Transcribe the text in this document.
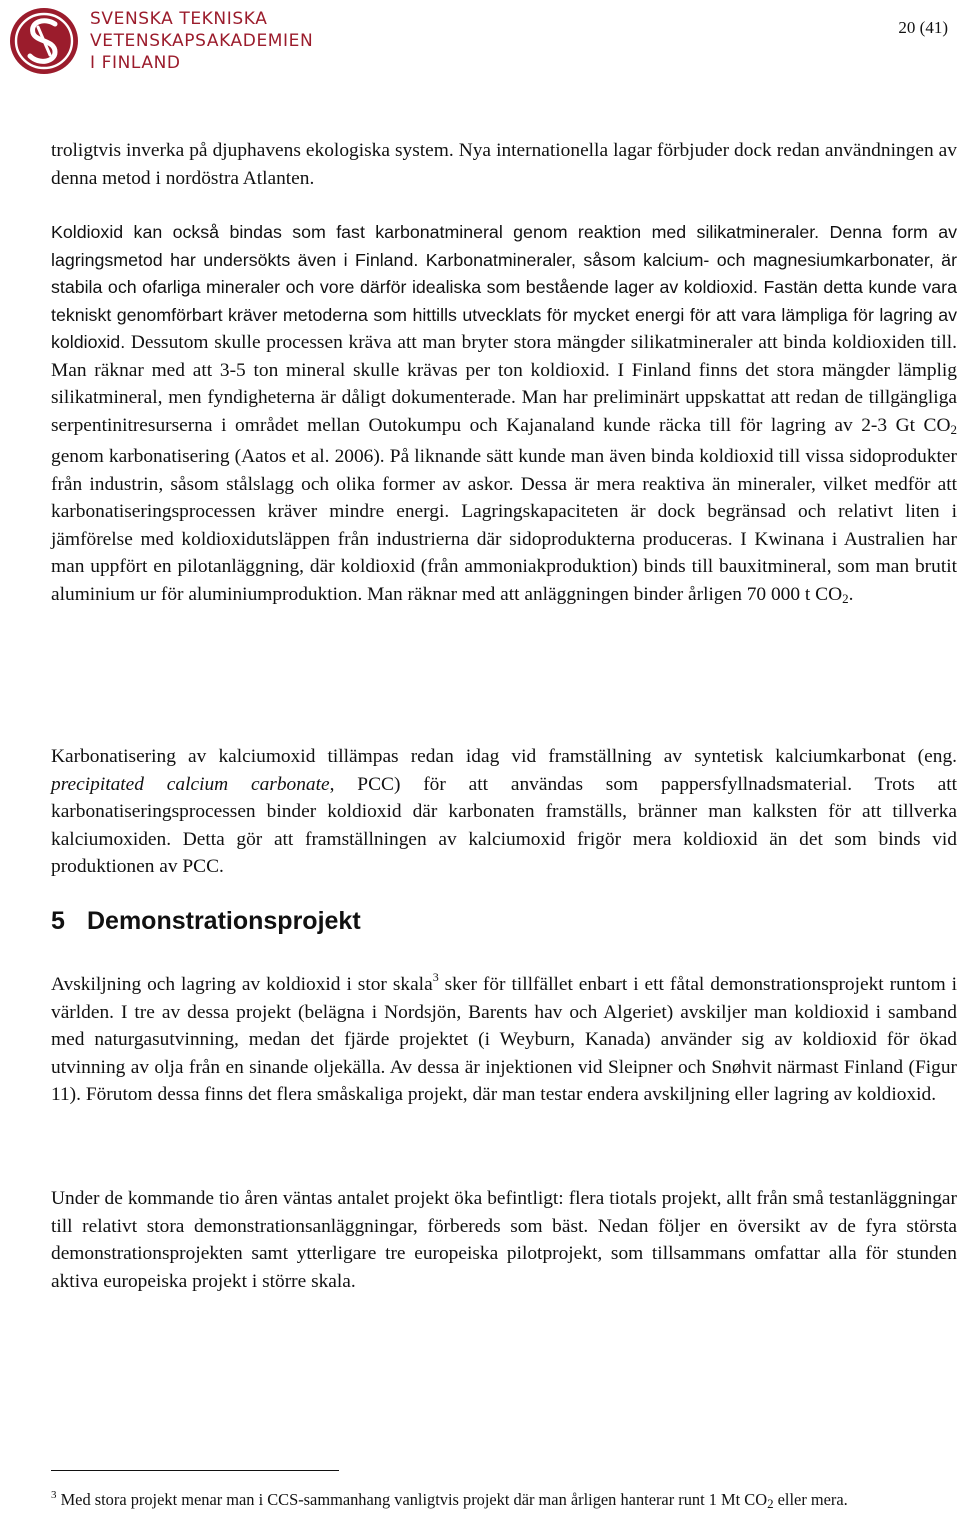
SVENSKA TEKNISKA
VETENSKAPSAKADEMIEN
I FINLAND
20 (41)

troligtvis inverka på djuphavens ekologiska system. Nya internationella lagar förbjuder dock redan användningen av denna metod i nordöstra Atlanten.

Koldioxid kan också bindas som fast karbonatmineral genom reaktion med silikatmineraler. Denna form av lagringsmetod har undersökts även i Finland. Karbonatmineraler, såsom kalcium- och magnesiumkarbonater, är stabila och ofarliga mineraler och vore därför idealiska som bestående lager av koldioxid. Fastän detta kunde vara tekniskt genomförbart kräver metoderna som hittills utvecklats för mycket energi för att vara lämpliga för lagring av koldioxid. Dessutom skulle processen kräva att man bryter stora mängder silikatmineraler att binda koldioxiden till. Man räknar med att 3-5 ton mineral skulle krävas per ton koldioxid. I Finland finns det stora mängder lämplig silikatmineral, men fyndigheterna är dåligt dokumenterade. Man har preliminärt uppskattat att redan de tillgängliga serpentinitresurserna i området mellan Outokumpu och Kajanaland kunde räcka till för lagring av 2-3 Gt $CO_2$ genom karbonatisering (Aatos et al. 2006). På liknande sätt kunde man även binda koldioxid till vissa sidoprodukter från industrin, såsom stålslagg och olika former av askor. Dessa är mera reaktiva än mineraler, vilket medför att karbonatiseringsprocessen kräver mindre energi. Lagringskapaciteten är dock begränsad och relativt liten i jämförelse med koldioxidutsläppen från industrierna där sidoprodukterna produceras. I Kwinana i Australien har man uppfört en pilotanläggning, där koldioxid (från ammoniakproduktion) binds till bauxitmineral, som man brutit aluminium ur för aluminiumproduktion. Man räknar med att anläggningen binder årligen 70 000 t $CO_2$.

Karbonatisering av kalciumoxid tillämpas redan idag vid framställning av syntetisk kalciumkarbonat (eng. precipitated calcium carbonate, PCC) för att användas som pappersfyllnadsmaterial. Trots att karbonatiseringsprocessen binder koldioxid där karbonaten framställs, bränner man kalksten för att tillverka kalciumoxiden. Detta gör att framställningen av kalciumoxid frigör mera koldioxid än det som binds vid produktionen av PCC.

5 Demonstrationsprojekt

Avskiljning och lagring av koldioxid i stor skala$^3$ sker för tillfället enbart i ett fåtal demonstrationsprojekt runtom i världen. I tre av dessa projekt (belägna i Nordsjön, Barents hav och Algeriet) avskiljer man koldioxid i samband med naturgasutvinning, medan det fjärde projektet (i Weyburn, Kanada) använder sig av koldioxid för ökad utvinning av olja från en sinande oljekälla. Av dessa är injektionen vid Sleipner och Snøhvit närmast Finland (Figur 11). Förutom dessa finns det flera småskaliga projekt, där man testar endera avskiljning eller lagring av koldioxid.

Under de kommande tio åren väntas antalet projekt öka befintligt: flera tiotals projekt, allt från små testanläggningar till relativt stora demonstrationsanläggningar, förbereds som bäst. Nedan följer en översikt av de fyra största demonstrationsprojekten samt ytterligare tre europeiska pilotprojekt, som tillsammans omfattar alla för stunden aktiva europeiska projekt i större skala.

$^3$ Med stora projekt menar man i CCS-sammanhang vanligtvis projekt där man årligen hanterar runt 1 Mt $CO_2$ eller mera.
